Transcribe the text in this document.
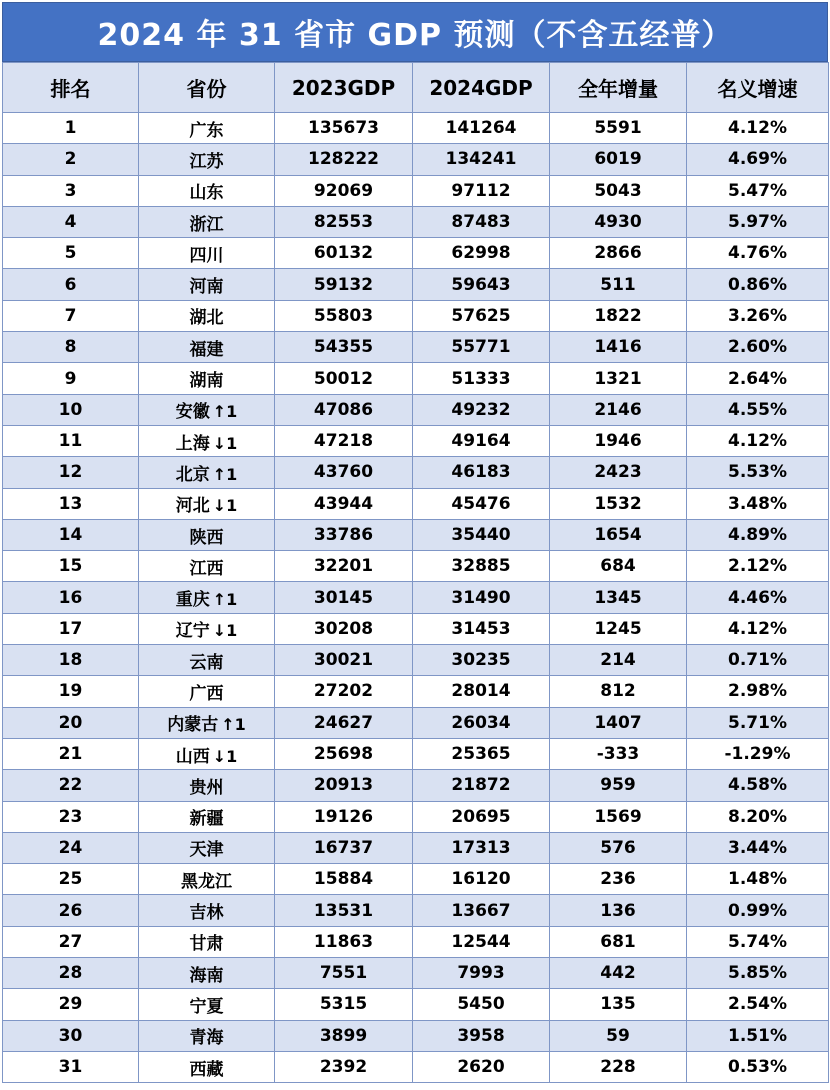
2024 年 31 省市 GDP 预测（不含五经普）
排名	省份	2023GDP	2024GDP	全年增量	名义增速
1	广东	135673	141264	5591	4.12%
2	江苏	128222	134241	6019	4.69%
3	山东	92069	97112	5043	5.47%
4	浙江	82553	87483	4930	5.97%
5	四川	60132	62998	2866	4.76%
6	河南	59132	59643	511	0.86%
7	湖北	55803	57625	1822	3.26%
8	福建	54355	55771	1416	2.60%
9	湖南	50012	51333	1321	2.64%
10	安徽 ↑1	47086	49232	2146	4.55%
11	上海 ↓1	47218	49164	1946	4.12%
12	北京 ↑1	43760	46183	2423	5.53%
13	河北 ↓1	43944	45476	1532	3.48%
14	陕西	33786	35440	1654	4.89%
15	江西	32201	32885	684	2.12%
16	重庆 ↑1	30145	31490	1345	4.46%
17	辽宁 ↓1	30208	31453	1245	4.12%
18	云南	30021	30235	214	0.71%
19	广西	27202	28014	812	2.98%
20	内蒙古 ↑1	24627	26034	1407	5.71%
21	山西 ↓1	25698	25365	-333	-1.29%
22	贵州	20913	21872	959	4.58%
23	新疆	19126	20695	1569	8.20%
24	天津	16737	17313	576	3.44%
25	黑龙江	15884	16120	236	1.48%
26	吉林	13531	13667	136	0.99%
27	甘肃	11863	12544	681	5.74%
28	海南	7551	7993	442	5.85%
29	宁夏	5315	5450	135	2.54%
30	青海	3899	3958	59	1.51%
31	西藏	2392	2620	228	0.53%
